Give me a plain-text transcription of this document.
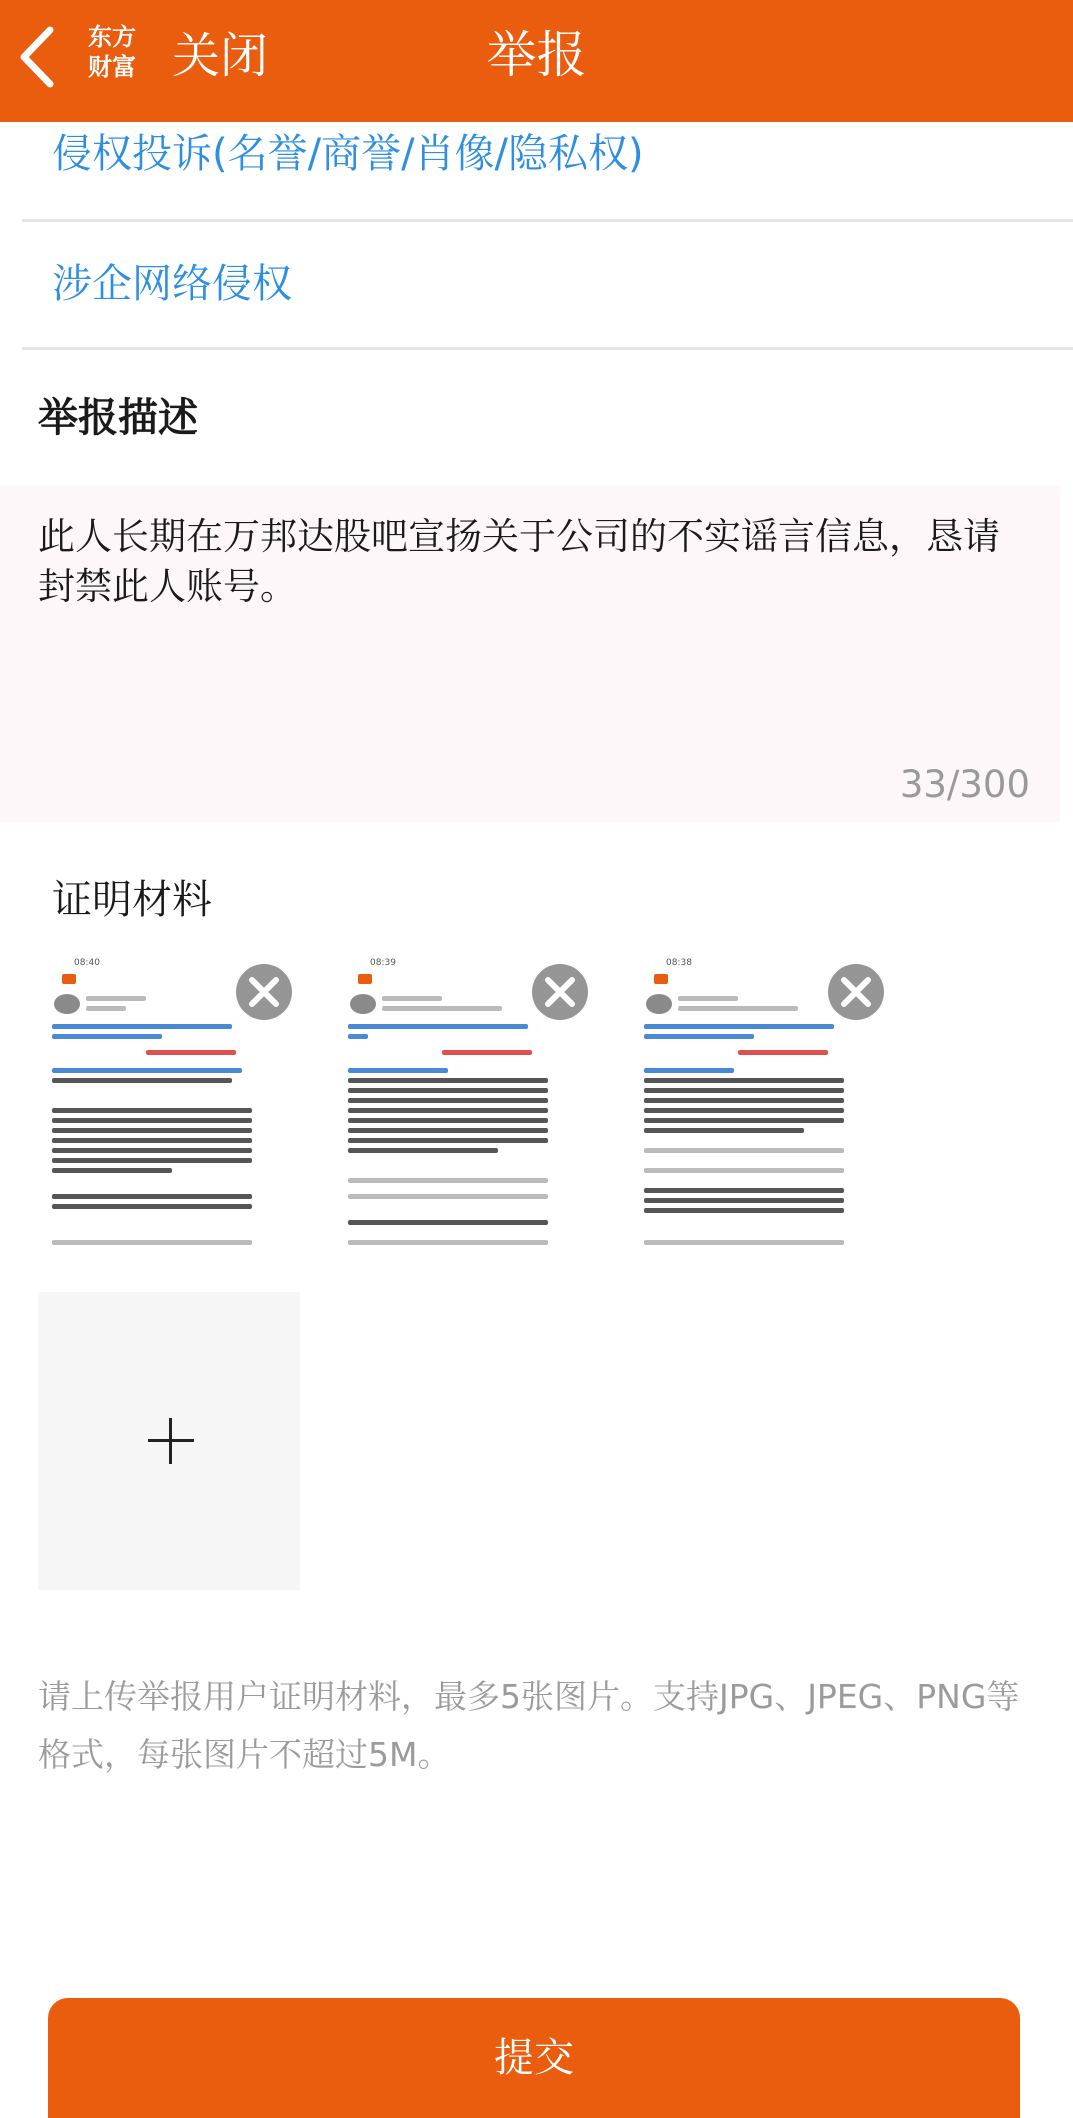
东方财富 关闭	举报
侵权投诉(名誉/商誉/肖像/隐私权)
涉企网络侵权
举报描述
此人长期在万邦达股吧宣扬关于公司的不实谣言信息，恳请封禁此人账号。
33/300
证明材料
08:40	08:39	08:38
请上传举报用户证明材料，最多5张图片。支持JPG、JPEG、PNG等格式，每张图片不超过5M。
提交
